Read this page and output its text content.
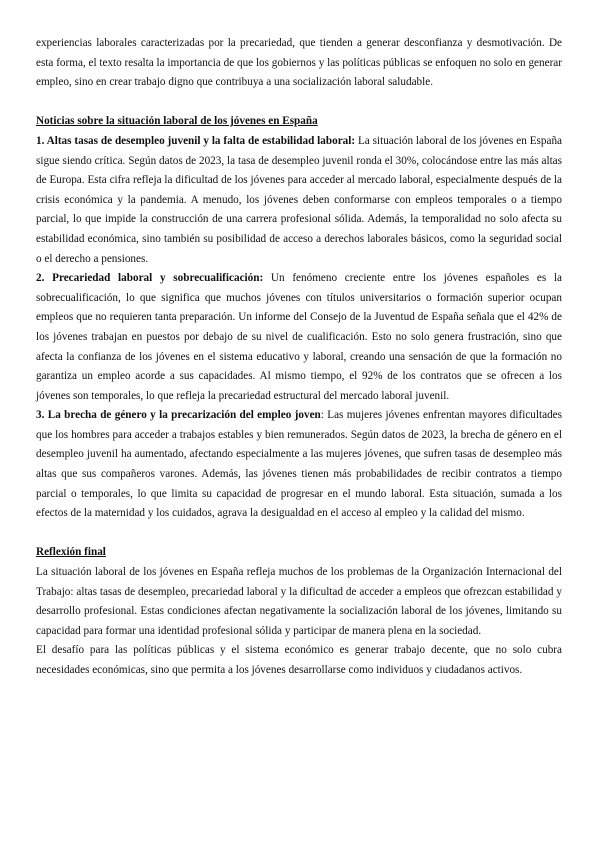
experiencias laborales caracterizadas por la precariedad, que tienden a generar desconfianza y desmotivación. De esta forma, el texto resalta la importancia de que los gobiernos y las políticas públicas se enfoquen no solo en generar empleo, sino en crear trabajo digno que contribuya a una socialización laboral saludable.

Noticias sobre la situación laboral de los jóvenes en España

1. Altas tasas de desempleo juvenil y la falta de estabilidad laboral: La situación laboral de los jóvenes en España sigue siendo crítica. Según datos de 2023, la tasa de desempleo juvenil ronda el 30%, colocándose entre las más altas de Europa. Esta cifra refleja la dificultad de los jóvenes para acceder al mercado laboral, especialmente después de la crisis económica y la pandemia. A menudo, los jóvenes deben conformarse con empleos temporales o a tiempo parcial, lo que impide la construcción de una carrera profesional sólida. Además, la temporalidad no solo afecta su estabilidad económica, sino también su posibilidad de acceso a derechos laborales básicos, como la seguridad social o el derecho a pensiones.

2. Precariedad laboral y sobrecualificación: Un fenómeno creciente entre los jóvenes españoles es la sobrecualificación, lo que significa que muchos jóvenes con títulos universitarios o formación superior ocupan empleos que no requieren tanta preparación. Un informe del Consejo de la Juventud de España señala que el 42% de los jóvenes trabajan en puestos por debajo de su nivel de cualificación. Esto no solo genera frustración, sino que afecta la confianza de los jóvenes en el sistema educativo y laboral, creando una sensación de que la formación no garantiza un empleo acorde a sus capacidades. Al mismo tiempo, el 92% de los contratos que se ofrecen a los jóvenes son temporales, lo que refleja la precariedad estructural del mercado laboral juvenil.

3. La brecha de género y la precarización del empleo joven: Las mujeres jóvenes enfrentan mayores dificultades que los hombres para acceder a trabajos estables y bien remunerados. Según datos de 2023, la brecha de género en el desempleo juvenil ha aumentado, afectando especialmente a las mujeres jóvenes, que sufren tasas de desempleo más altas que sus compañeros varones. Además, las jóvenes tienen más probabilidades de recibir contratos a tiempo parcial o temporales, lo que limita su capacidad de progresar en el mundo laboral. Esta situación, sumada a los efectos de la maternidad y los cuidados, agrava la desigualdad en el acceso al empleo y la calidad del mismo.

Reflexión final

La situación laboral de los jóvenes en España refleja muchos de los problemas de la Organización Internacional del Trabajo: altas tasas de desempleo, precariedad laboral y la dificultad de acceder a empleos que ofrezcan estabilidad y desarrollo profesional. Estas condiciones afectan negativamente la socialización laboral de los jóvenes, limitando su capacidad para formar una identidad profesional sólida y participar de manera plena en la sociedad.

El desafío para las políticas públicas y el sistema económico es generar trabajo decente, que no solo cubra necesidades económicas, sino que permita a los jóvenes desarrollarse como individuos y ciudadanos activos.
